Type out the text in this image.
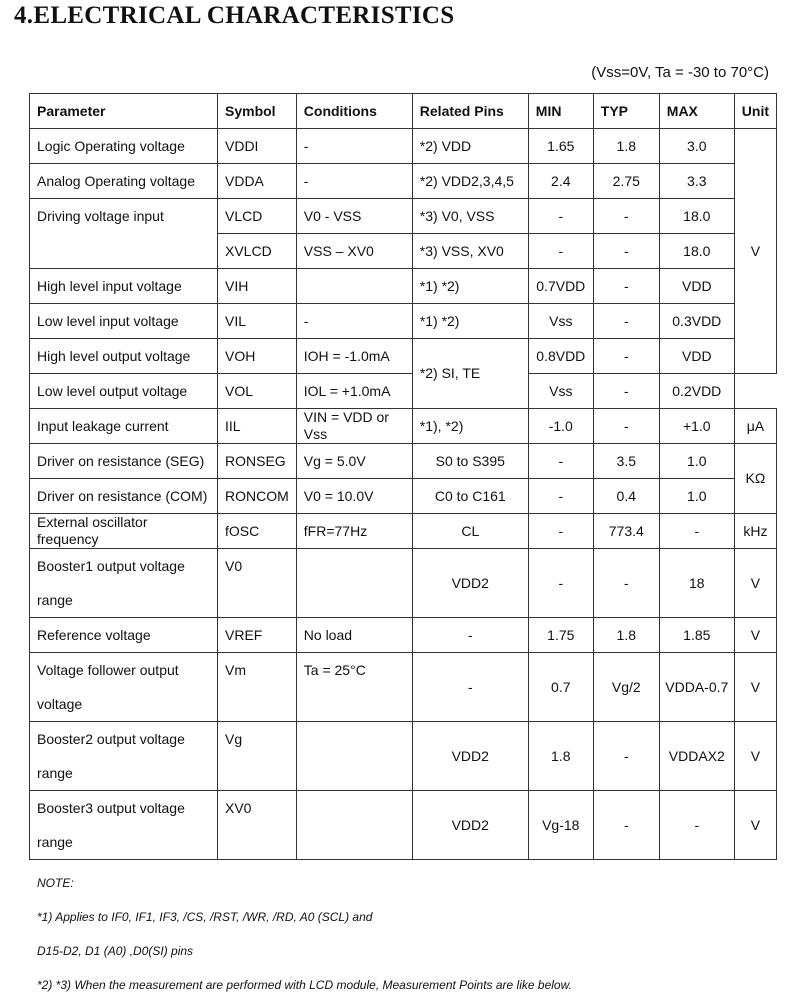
4.ELECTRICAL CHARACTERISTICS
(Vss=0V, Ta = -30 to 70°C)
Parameter	Symbol	Conditions	Related Pins	MIN	TYP	MAX	Unit
Logic Operating voltage	VDDI	-	*2) VDD	1.65	1.8	3.0	V
Analog Operating voltage	VDDA	-	*2) VDD2,3,4,5	2.4	2.75	3.3	
Driving voltage input	VLCD	V0 - VSS	*3) V0, VSS	-	-	18.0	
	XVLCD	VSS – XV0	*3) VSS, XV0	-	-	18.0	
High level input voltage	VIH		*1) *2)	0.7VDD	-	VDD	
Low level input voltage	VIL	-	*1) *2)	Vss	-	0.3VDD	
High level output voltage	VOH	IOH = -1.0mA	*2) SI, TE	0.8VDD	-	VDD	
Low level output voltage	VOL	IOL = +1.0mA		Vss	-	0.2VDD	
Input leakage current	IIL	VIN = VDD or Vss	*1), *2)	-1.0	-	+1.0	μA
Driver on resistance (SEG)	RONSEG	Vg = 5.0V	S0 to S395	-	3.5	1.0	KΩ
Driver on resistance (COM)	RONCOM	V0 = 10.0V	C0 to C161	-	0.4	1.0	
External oscillator frequency	fOSC	fFR=77Hz	CL	-	773.4	-	kHz

Booster1 output voltage
range	V0		VDD2	-	-	18	V
Reference voltage	VREF	No load	-	1.75	1.8	1.85	V

Voltage follower output
voltage	Vm	Ta = 25°C	-	0.7	Vg/2	VDDA-0.7	V

Booster2 output voltage
range	Vg		VDD2	1.8	-	VDDAX2	V

Booster3 output voltage
range	XV0		VDD2	Vg-18	-	-	V
NOTE:
*1) Applies to IF0, IF1, IF3, /CS, /RST, /WR, /RD, A0 (SCL) and
D15-D2, D1 (A0) ,D0(SI) pins
*2) *3) When the measurement are performed with LCD module, Measurement Points are like below.
